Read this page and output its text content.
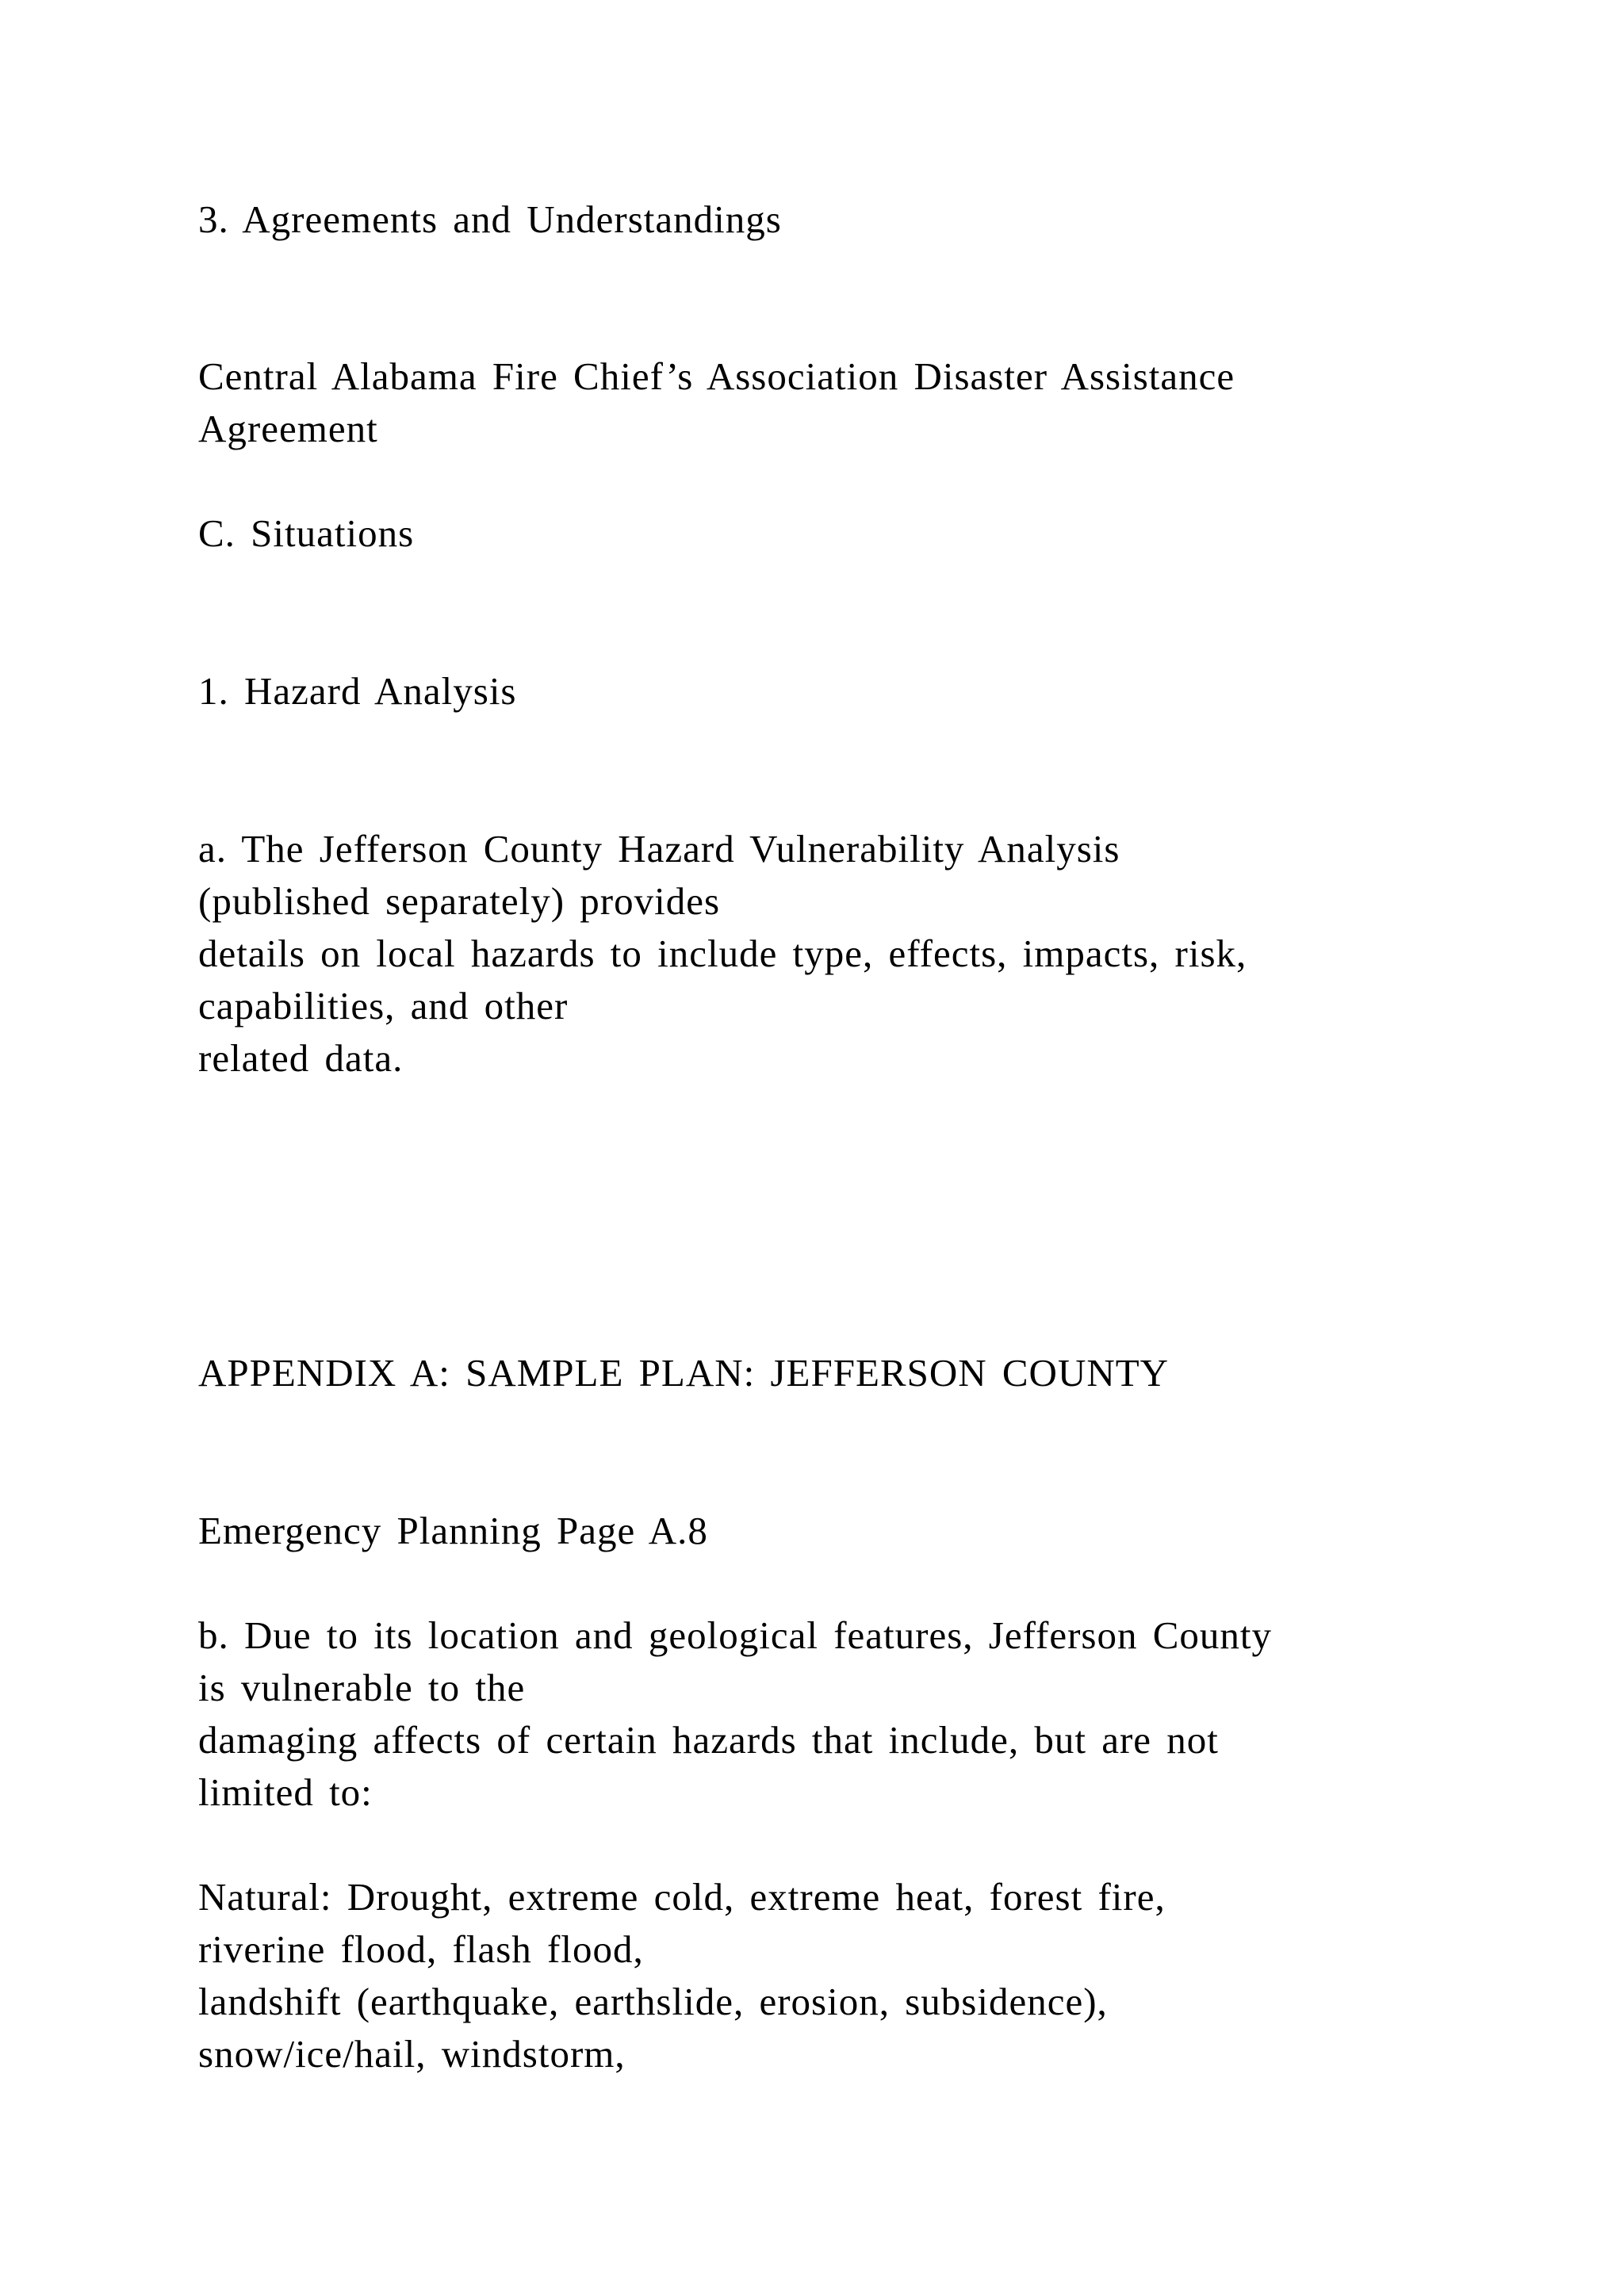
3. Agreements and Understandings

Central Alabama Fire Chief’s Association Disaster Assistance

Agreement

C. Situations

1. Hazard Analysis

a. The Jefferson County Hazard Vulnerability Analysis

(published separately) provides

details on local hazards to include type, effects, impacts, risk,

capabilities, and other

related data.

APPENDIX A: SAMPLE PLAN: JEFFERSON COUNTY

Emergency Planning Page A.8

b. Due to its location and geological features, Jefferson County

is vulnerable to the

damaging affects of certain hazards that include, but are not

limited to:

Natural: Drought, extreme cold, extreme heat, forest fire,

riverine flood, flash flood,

landshift (earthquake, earthslide, erosion, subsidence),

snow/ice/hail, windstorm,
